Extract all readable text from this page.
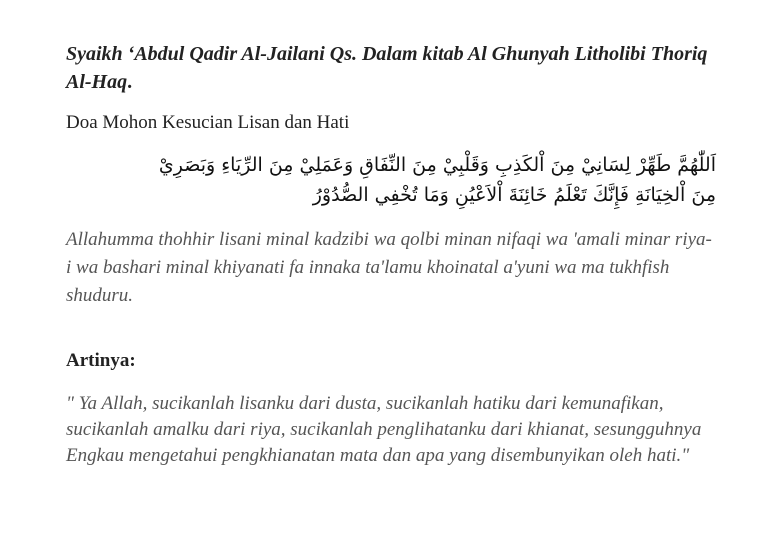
Syaikh ‘Abdul Qadir Al-Jailani Qs. Dalam kitab Al Ghunyah Litholibi Thoriq Al-Haq.

Doa Mohon Kesucian Lisan dan Hati

اَللّٰهُمَّ طَهِّرْ لِسَانِيْ مِنَ اْلكَذِبِ وَقَلْبِيْ مِنَ النِّفَاقِ وَعَمَلِيْ مِنَ الرِّيَاءِ وَبَصَرِيْ
مِنَ اْلخِيَانَةِ فَإِنَّكَ تَعْلَمُ خَائِنَةَ اْلاَعْيُنِ وَمَا تُخْفِي الصُّدُوْرُ

Allahumma thohhir lisani minal kadzibi wa qolbi minan nifaqi wa 'amali minar riya-i wa bashari minal khiyanati fa innaka ta'lamu khoinatal a'yuni wa ma tukhfish shuduru.

Artinya:

" Ya Allah, sucikanlah lisanku dari dusta, sucikanlah hatiku dari kemunafikan, sucikanlah amalku dari riya, sucikanlah penglihatanku dari khianat, sesungguhnya Engkau mengetahui pengkhianatan mata dan apa yang disembunyikan oleh hati."
